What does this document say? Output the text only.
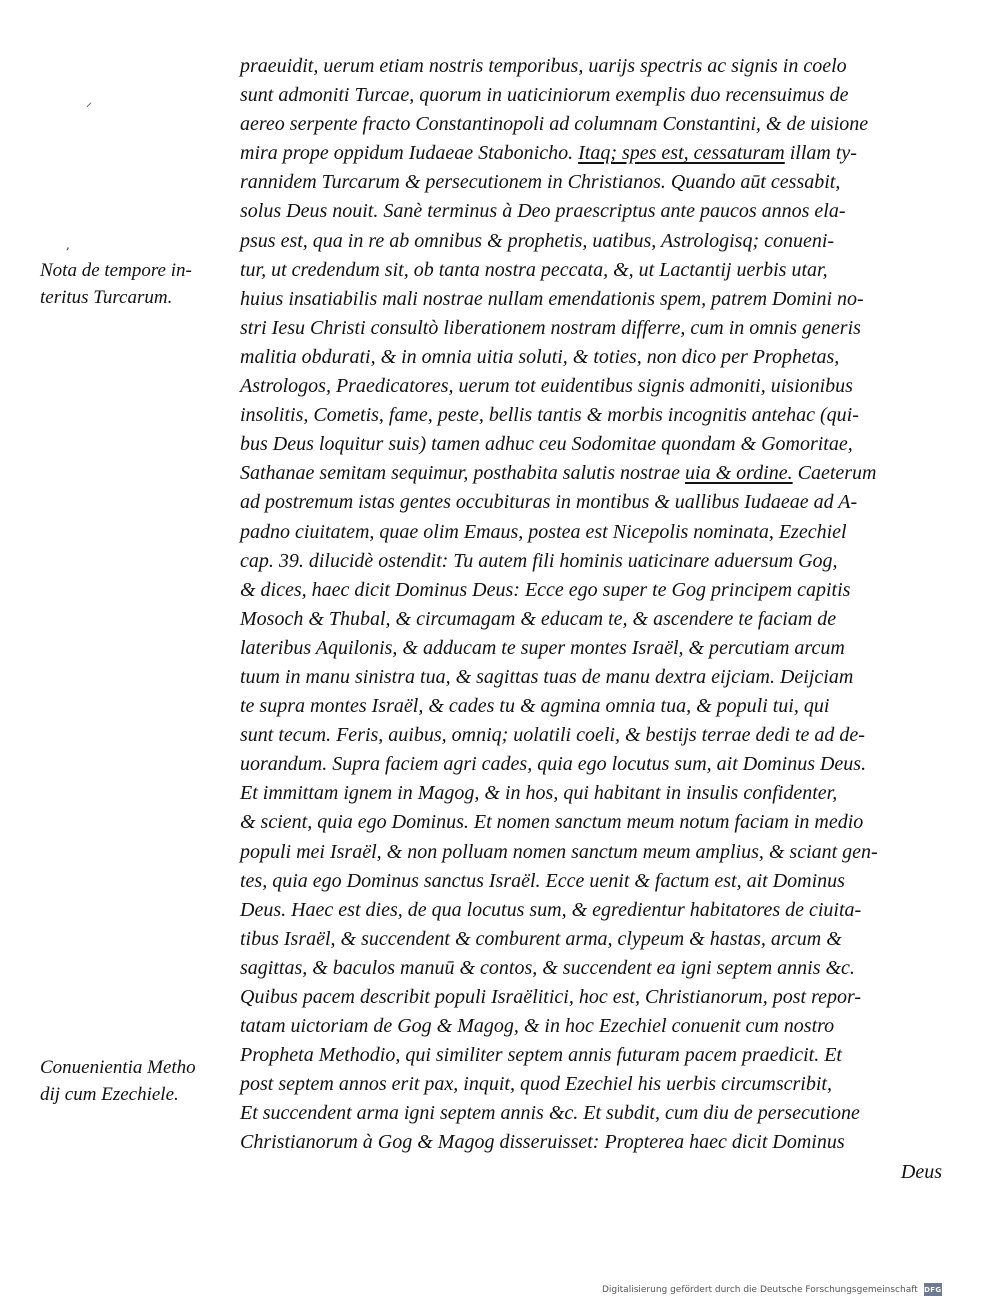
⸝
,
Nota de tempore in-
teritus Turcarum.
Conuenientia Metho
dij cum Ezechiele.
praeuidit, uerum etiam nostris temporibus, uarijs spectris ac signis in coelo
sunt admoniti Turcae, quorum in uaticiniorum exemplis duo recensuimus de
aereo serpente fracto Constantinopoli ad columnam Constantini, & de uisione
mira prope oppidum Iudaeae Stabonicho. Itaq; spes est, cessaturam illam ty-
rannidem Turcarum & persecutionem in Christianos. Quando aūt cessabit,
solus Deus nouit. Sanè terminus à Deo praescriptus ante paucos annos ela-
psus est, qua in re ab omnibus & prophetis, uatibus, Astrologisq; conueni-
tur, ut credendum sit, ob tanta nostra peccata, &, ut Lactantij uerbis utar,
huius insatiabilis mali nostrae nullam emendationis spem, patrem Domini no-
stri Iesu Christi consultò liberationem nostram differre, cum in omnis generis
malitia obdurati, & in omnia uitia soluti, & toties, non dico per Prophetas,
Astrologos, Praedicatores, uerum tot euidentibus signis admoniti, uisionibus
insolitis, Cometis, fame, peste, bellis tantis & morbis incognitis antehac (qui-
bus Deus loquitur suis) tamen adhuc ceu Sodomitae quondam & Gomoritae,
Sathanae semitam sequimur, posthabita salutis nostrae uia & ordine. Caeterum
ad postremum istas gentes occubituras in montibus & uallibus Iudaeae ad A-
padno ciuitatem, quae olim Emaus, postea est Nicepolis nominata, Ezechiel
cap. 39. dilucidè ostendit: Tu autem fili hominis uaticinare aduersum Gog,
& dices, haec dicit Dominus Deus: Ecce ego super te Gog principem capitis
Mosoch & Thubal, & circumagam & educam te, & ascendere te faciam de
lateribus Aquilonis, & adducam te super montes Israël, & percutiam arcum
tuum in manu sinistra tua, & sagittas tuas de manu dextra eijciam. Deijciam
te supra montes Israël, & cades tu & agmina omnia tua, & populi tui, qui
sunt tecum. Feris, auibus, omniq; uolatili coeli, & bestijs terrae dedi te ad de-
uorandum. Supra faciem agri cades, quia ego locutus sum, ait Dominus Deus.
Et immittam ignem in Magog, & in hos, qui habitant in insulis confidenter,
& scient, quia ego Dominus. Et nomen sanctum meum notum faciam in medio
populi mei Israël, & non polluam nomen sanctum meum amplius, & sciant gen-
tes, quia ego Dominus sanctus Israël. Ecce uenit & factum est, ait Dominus
Deus. Haec est dies, de qua locutus sum, & egredientur habitatores de ciuita-
tibus Israël, & succendent & comburent arma, clypeum & hastas, arcum &
sagittas, & baculos manuū & contos, & succendent ea igni septem annis &c.
Quibus pacem describit populi Israëlitici, hoc est, Christianorum, post repor-
tatam uictoriam de Gog & Magog, & in hoc Ezechiel conuenit cum nostro
Propheta Methodio, qui similiter septem annis futuram pacem praedicit. Et
post septem annos erit pax, inquit, quod Ezechiel his uerbis circumscribit,
Et succendent arma igni septem annis &c. Et subdit, cum diu de persecutione
Christianorum à Gog & Magog disseruisset: Propterea haec dicit Dominus
Deus
Digitalisierung gefördert durch die Deutsche Forschungsgemeinschaft DFG
